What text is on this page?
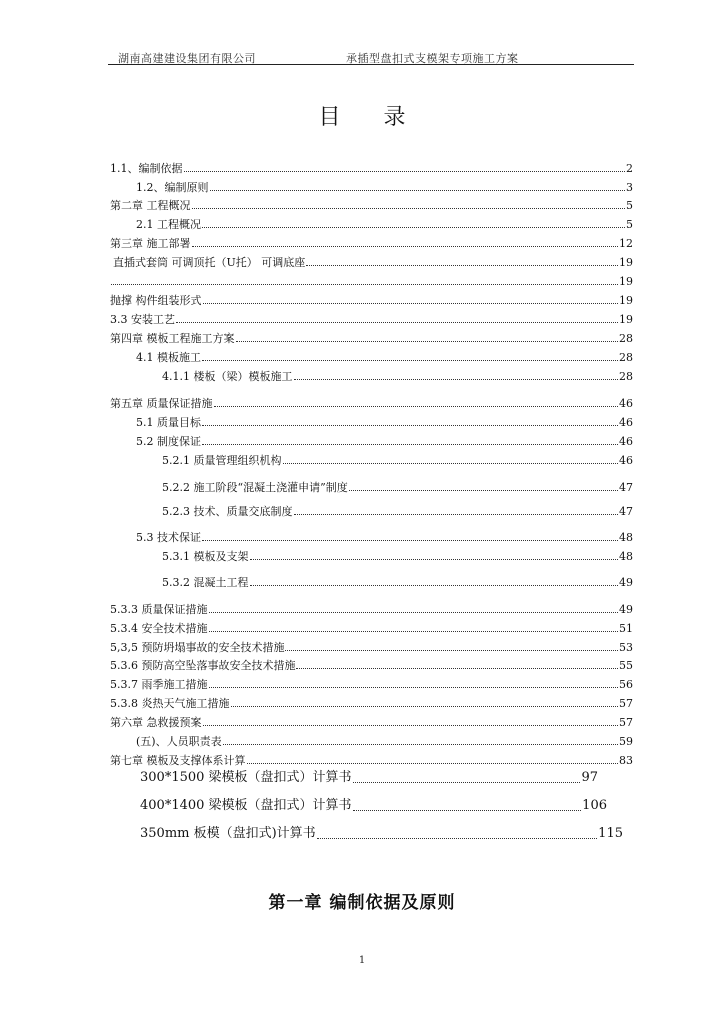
湖南高建建设集团有限公司	承插型盘扣式支模架专项施工方案
目 录
1.1、编制依据	2
1.2、编制原则	3
第二章 工程概况	5
2.1 工程概况	5
第三章 施工部署	12
直插式套筒 可调顶托（U托） 可调底座	19
19
抛撑 构件组装形式	19
3.3 安装工艺	19
第四章 模板工程施工方案	28
4.1 模板施工	28
4.1.1 楼板（梁）模板施工	28
第五章 质量保证措施	46
5.1 质量目标	46
5.2 制度保证	46
5.2.1 质量管理组织机构	46
5.2.2 施工阶段“混凝土浇灌申请”制度	47
5.2.3 技术、质量交底制度	47
5.3 技术保证	48
5.3.1 模板及支架	48
5.3.2 混凝土工程	49
5.3.3 质量保证措施	49
5.3.4 安全技术措施	51
5,3,5 预防坍塌事故的安全技术措施	53
5.3.6 预防高空坠落事故安全技术措施	55
5.3.7 雨季施工措施	56
5.3.8 炎热天气施工措施	57
第六章 急救援预案	57
(五)、人员职责表	59
第七章 模板及支撑体系计算	83
300*1500 梁模板（盘扣式）计算书	97
400*1400 梁模板（盘扣式）计算书	106
350mm 板模（盘扣式)计算书	115
第一章 编制依据及原则
1
